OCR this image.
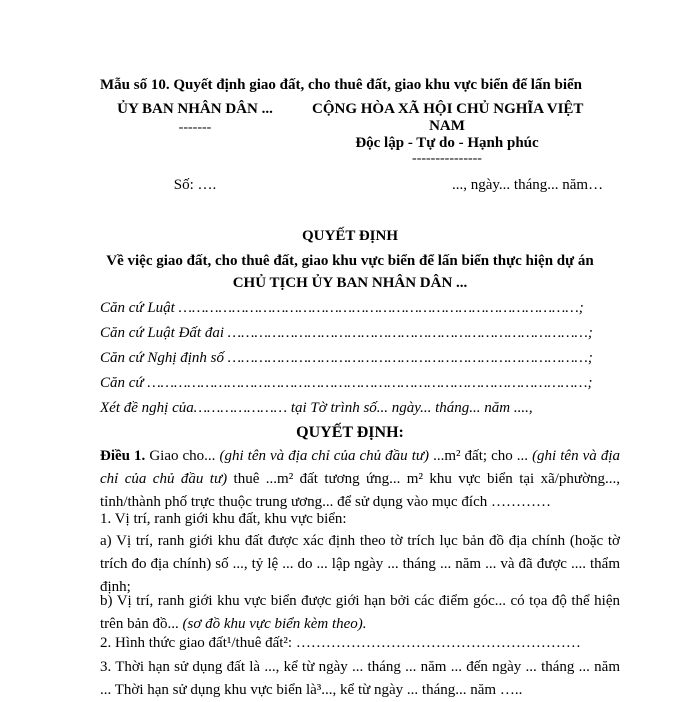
Mẫu số 10. Quyết định giao đất, cho thuê đất, giao khu vực biển để lấn biển
ỦY BAN NHÂN DÂN ...
-------
Số: ….
CỘNG HÒA XÃ HỘI CHỦ NGHĨA VIỆT
NAM
Độc lập - Tự do - Hạnh phúc
---------------
..., ngày... tháng... năm…
QUYẾT ĐỊNH
Về việc giao đất, cho thuê đất, giao khu vực biển để lấn biển thực hiện dự án
CHỦ TỊCH ỦY BAN NHÂN DÂN ...
Căn cứ Luật ………………………………………………………………………………;
Căn cứ Luật Đất đai ………………………………………………………………………;
Căn cứ Nghị định số ………………………………………………………………………;
Căn cứ ………………………………………………………………………………………;
Xét đề nghị của………………… tại Tờ trình số... ngày... tháng... năm ....,
QUYẾT ĐỊNH:
Điều 1. Giao cho... (ghi tên và địa chỉ của chủ đầu tư) ...m² đất; cho ... (ghi tên và địa chỉ của chủ đầu tư) thuê ...m² đất tương ứng... m² khu vực biển tại xã/phường..., tỉnh/thành phố trực thuộc trung ương... để sử dụng vào mục đích …………
1. Vị trí, ranh giới khu đất, khu vực biển:
a) Vị trí, ranh giới khu đất được xác định theo tờ trích lục bản đồ địa chính (hoặc tờ trích đo địa chính) số ..., tỷ lệ ... do ... lập ngày ... tháng ... năm ... và đã được .... thẩm định;
b) Vị trí, ranh giới khu vực biển được giới hạn bởi các điểm góc... có tọa độ thể hiện trên bản đồ... (sơ đồ khu vực biển kèm theo).
2. Hình thức giao đất¹/thuê đất²: …………………………………………………
3. Thời hạn sử dụng đất là ..., kể từ ngày ... tháng ... năm ... đến ngày ... tháng ... năm ... Thời hạn sử dụng khu vực biển là³..., kể từ ngày ... tháng... năm …..
